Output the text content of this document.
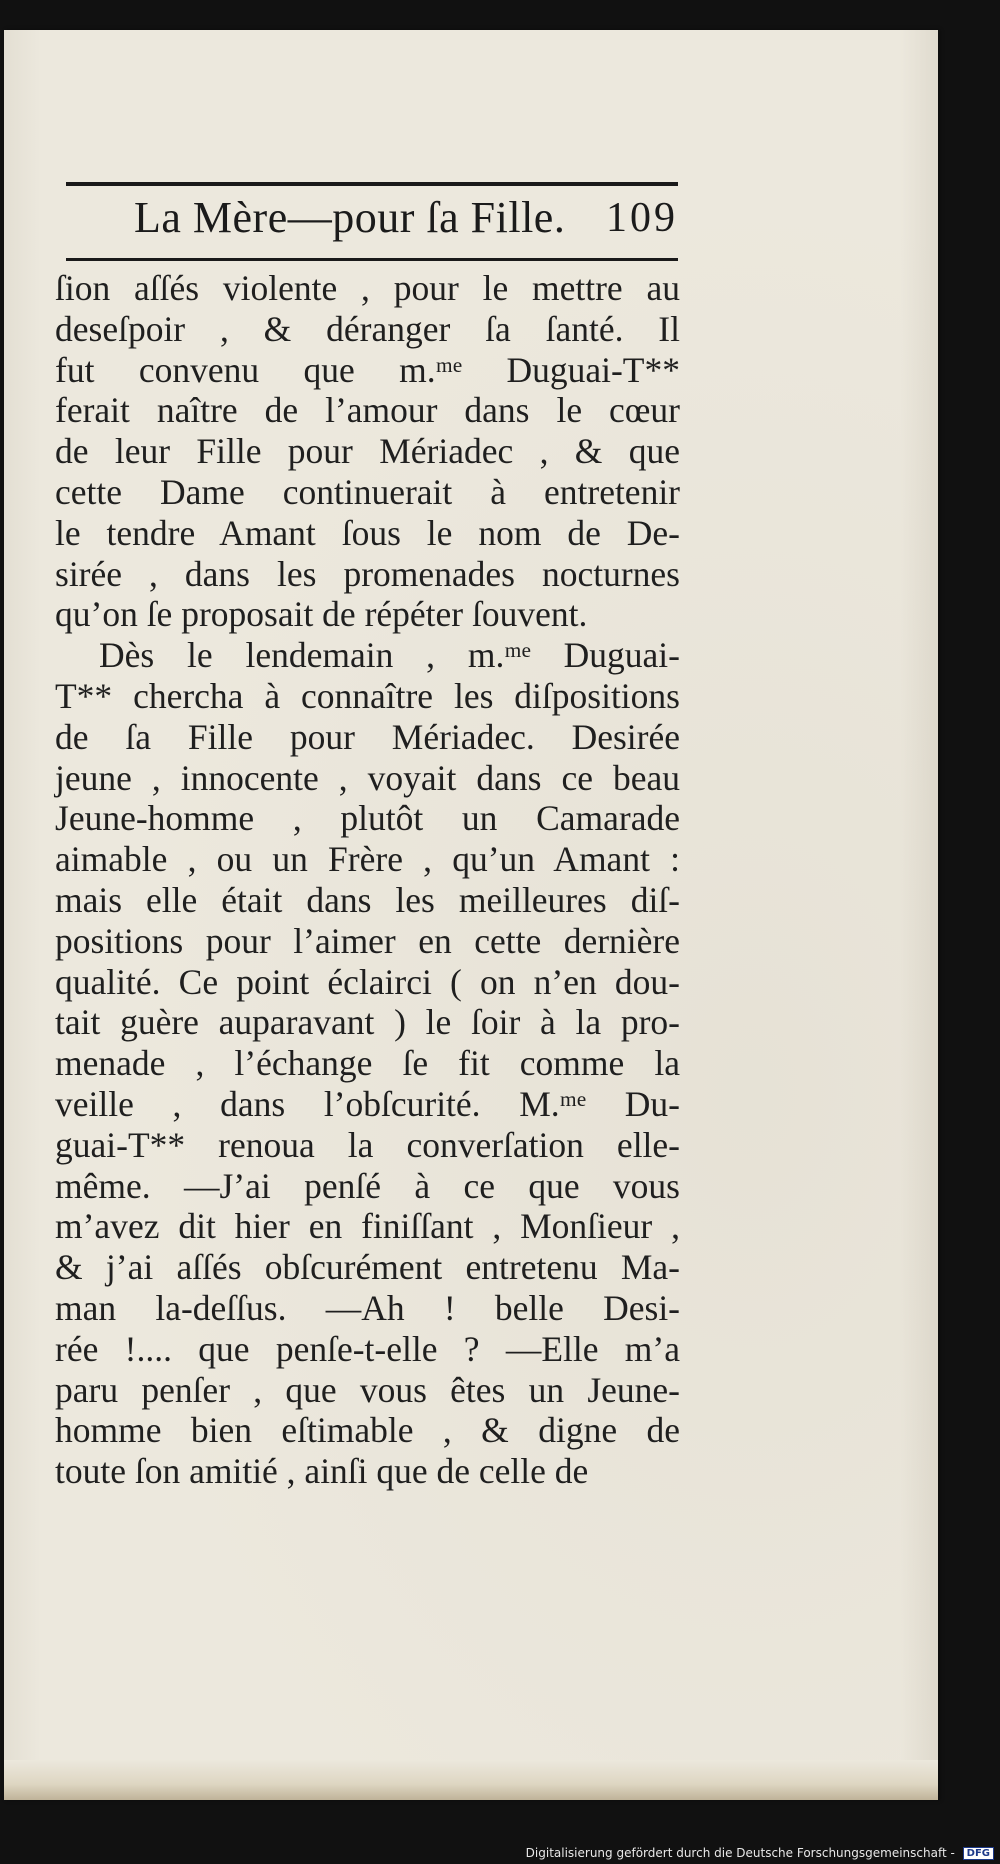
La Mère—pour ſa Fille. 109
ſion aſſés violente , pour le mettre au
deseſpoir , & déranger ſa ſanté. Il
fut convenu que m.ᵐᵉ Duguai-T**
ferait naître de l’amour dans le cœur
de leur Fille pour Mériadec , & que
cette Dame continuerait à entretenir
le tendre Amant ſous le nom de De-
sirée , dans les promenades nocturnes
qu’on ſe proposait de répéter ſouvent.
Dès le lendemain , m.ᵐᵉ Duguai-
T** chercha à connaître les diſpositions
de ſa Fille pour Mériadec. Desirée
jeune , innocente , voyait dans ce beau
Jeune-homme , plutôt un Camarade
aimable , ou un Frère , qu’un Amant :
mais elle était dans les meilleures diſ-
positions pour l’aimer en cette dernière
qualité. Ce point éclairci ( on n’en dou-
tait guère auparavant ) le ſoir à la pro-
menade , l’échange ſe fit comme la
veille , dans l’obſcurité. M.ᵐᵉ Du-
guai-T** renoua la converſation elle-
même. —J’ai penſé à ce que vous
m’avez dit hier en finiſſant , Monſieur ,
& j’ai aſſés obſcurément entretenu Ma-
man la-deſſus. —Ah ! belle Desi-
rée !.... que penſe-t-elle ? —Elle m’a
paru penſer , que vous êtes un Jeune-
homme bien eſtimable , & digne de
toute ſon amitié , ainſi que de celle de
Digitalisierung gefördert durch die Deutsche Forschungsgemeinschaft - DFG
